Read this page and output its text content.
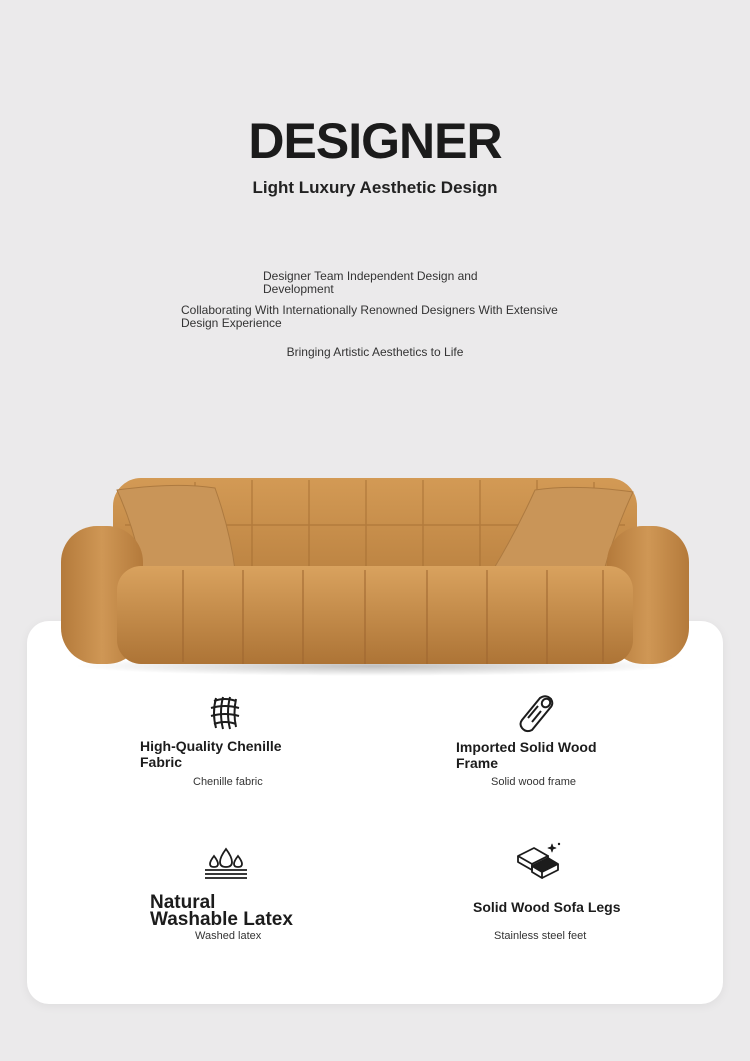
DESIGNER
Light Luxury Aesthetic Design
Designer Team Independent Design and Development
Collaborating With Internationally Renowned Designers With Extensive Design Experience
Bringing Artistic Aesthetics to Life
High-Quality Chenille Fabric
Chenille fabric
Imported Solid Wood Frame
Solid wood frame
Natural
Washable Latex
Washed latex
Solid Wood Sofa Legs
Stainless steel feet
